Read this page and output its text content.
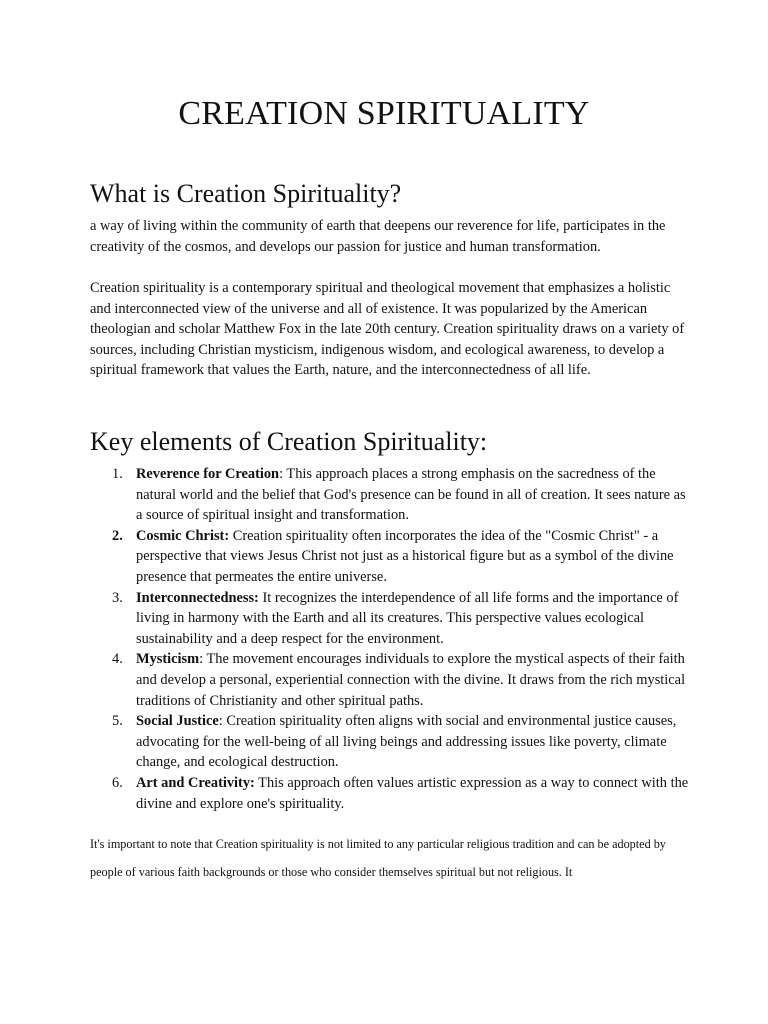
CREATION SPIRITUALITY
What is Creation Spirituality?

a way of living within the community of earth that deepens our reverence for life, participates in the creativity of the cosmos, and develops our passion for justice and human transformation.

Creation spirituality is a contemporary spiritual and theological movement that emphasizes a holistic and interconnected view of the universe and all of existence. It was popularized by the American theologian and scholar Matthew Fox in the late 20th century. Creation spirituality draws on a variety of sources, including Christian mysticism, indigenous wisdom, and ecological awareness, to develop a spiritual framework that values the Earth, nature, and the interconnectedness of all life.

Key elements of Creation Spirituality:
1. Reverence for Creation: This approach places a strong emphasis on the sacredness of the natural world and the belief that God's presence can be found in all of creation. It sees nature as a source of spiritual insight and transformation.
2. Cosmic Christ: Creation spirituality often incorporates the idea of the "Cosmic Christ" - a perspective that views Jesus Christ not just as a historical figure but as a symbol of the divine presence that permeates the entire universe.
3. Interconnectedness: It recognizes the interdependence of all life forms and the importance of living in harmony with the Earth and all its creatures. This perspective values ecological sustainability and a deep respect for the environment.
4. Mysticism: The movement encourages individuals to explore the mystical aspects of their faith and develop a personal, experiential connection with the divine. It draws from the rich mystical traditions of Christianity and other spiritual paths.
5. Social Justice: Creation spirituality often aligns with social and environmental justice causes, advocating for the well-being of all living beings and addressing issues like poverty, climate change, and ecological destruction.
6. Art and Creativity: This approach often values artistic expression as a way to connect with the divine and explore one's spirituality.

It's important to note that Creation spirituality is not limited to any particular religious tradition and can be adopted by people of various faith backgrounds or those who consider themselves spiritual but not religious. It
